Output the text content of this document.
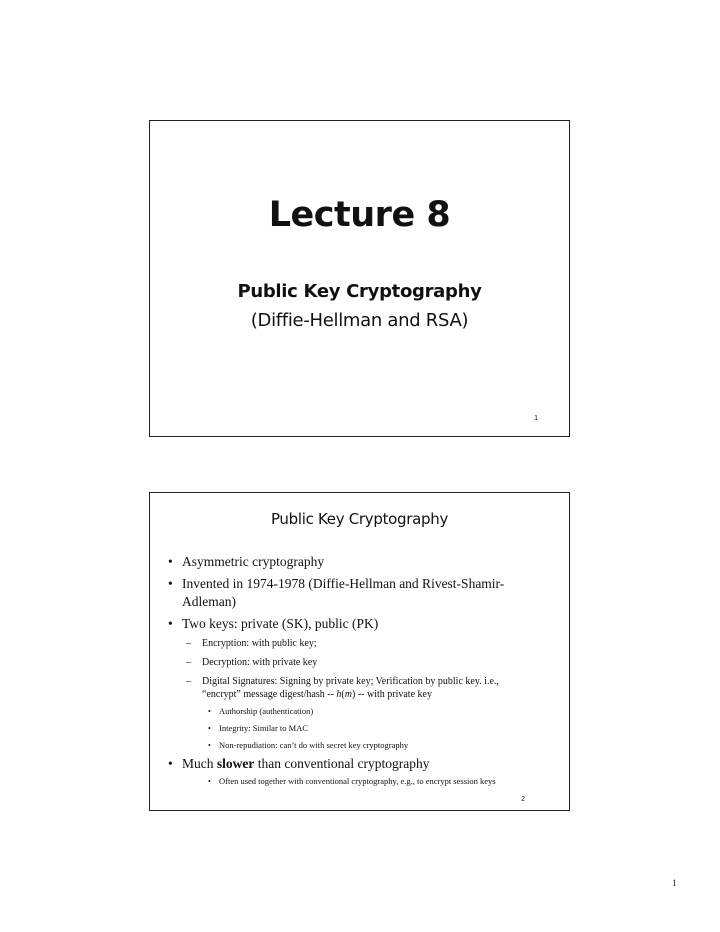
Lecture 8
Public Key Cryptography
(Diffie-Hellman and RSA)
1
Public Key Cryptography
• Asymmetric cryptography
• Invented in 1974-1978 (Diffie-Hellman and Rivest-Shamir-
Adleman)
• Two keys: private (SK), public (PK)
– Encryption: with public key;
– Decryption: with private key
– Digital Signatures: Signing by private key; Verification by public key. i.e.,
“encrypt” message digest/hash -- h(m) -- with private key
• Authorship (authentication)
• Integrity: Similar to MAC
• Non-repudiation: can’t do with secret key cryptography
• Much slower than conventional cryptography
• Often used together with conventional cryptography, e.g., to encrypt session keys
2
1
